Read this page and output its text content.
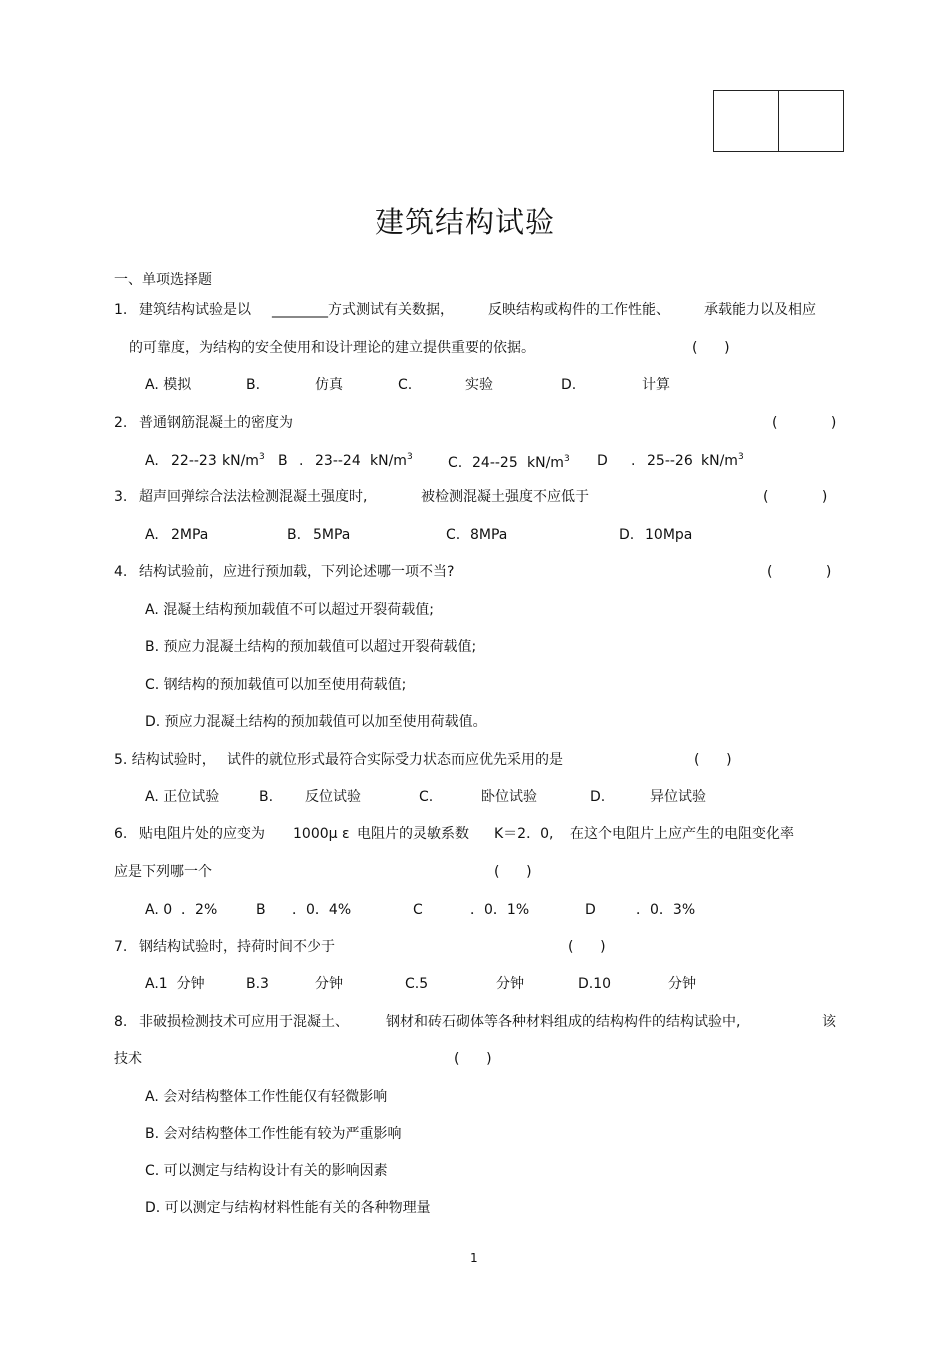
建筑结构试验
一、单项选择题
1. 建筑结构试验是以 ________方式测试有关数据， 反映结构或构件的工作性能、 承载能力以及相应
的可靠度，为结构的安全使用和设计理论的建立提供重要的依据。	(      )
A. 模拟	B.	仿真	C.	实验	D.	计算
2. 普通钢筋混凝土的密度为	(            )
A. 22--23 $kN/m^3$ B . 23--24 $kN/m^3$	C. 24--25 $kN/m^3$ D . 25--26 $kN/m^3$
3. 超声回弹综合法法检测混凝土强度时,	被检测混凝土强度不应低于	(            )
A. 2MPa	B. 5MPa	C. 8MPa	D. 10Mpa
4. 结构试验前，应进行预加载，下列论述哪一项不当?	(            )
A. 混凝土结构预加载值不可以超过开裂荷载值;
B. 预应力混凝土结构的预加载值可以超过开裂荷载值;
C. 钢结构的预加载值可以加至使用荷载值;
D. 预应力混凝土结构的预加载值可以加至使用荷载值。
5. 结构试验时， 试件的就位形式最符合实际受力状态而应优先采用的是	(      )
A. 正位试验	B. 反位试验	C.	卧位试验	D.	异位试验
6. 贴电阻片处的应变为 1000μ ε 电阻片的灵敏系数 K＝2．0, 在这个电阻片上应产生的电阻变化率
应是下列哪一个	(      )
A. 0  ．2%	B ．0．4%	C	．0．1%	D	．0．3%
7. 钢结构试验时，持荷时间不少于	(      )
A.1  分钟	B.3	分钟	C.5	分钟	D.10	分钟
8. 非破损检测技术可应用于混凝土、	钢材和砖石砌体等各种材料组成的结构构件的结构试验中,	该
技术	(      )
A. 会对结构整体工作性能仅有轻微影响
B. 会对结构整体工作性能有较为严重影响
C. 可以测定与结构设计有关的影响因素
D. 可以测定与结构材料性能有关的各种物理量
1
